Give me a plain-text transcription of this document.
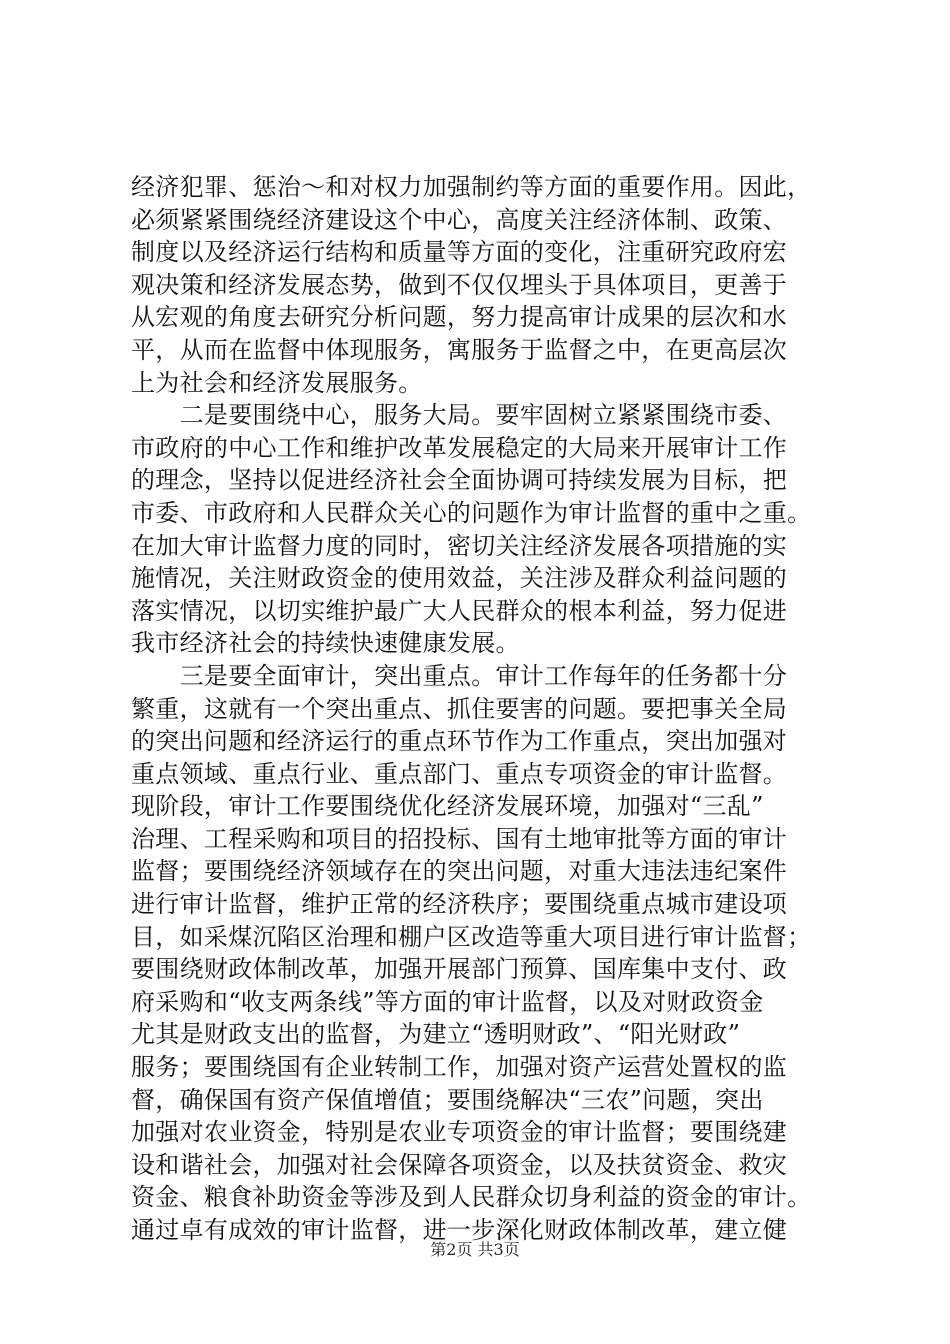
经济犯罪、惩治～和对权力加强制约等方面的重要作用。因此，
必须紧紧围绕经济建设这个中心，高度关注经济体制、政策、
制度以及经济运行结构和质量等方面的变化，注重研究政府宏
观决策和经济发展态势，做到不仅仅埋头于具体项目，更善于
从宏观的角度去研究分析问题，努力提高审计成果的层次和水
平，从而在监督中体现服务，寓服务于监督之中，在更高层次
上为社会和经济发展服务。
　　二是要围绕中心，服务大局。要牢固树立紧紧围绕市委、
市政府的中心工作和维护改革发展稳定的大局来开展审计工作
的理念，坚持以促进经济社会全面协调可持续发展为目标，把
市委、市政府和人民群众关心的问题作为审计监督的重中之重。
在加大审计监督力度的同时，密切关注经济发展各项措施的实
施情况，关注财政资金的使用效益，关注涉及群众利益问题的
落实情况，以切实维护最广大人民群众的根本利益，努力促进
我市经济社会的持续快速健康发展。
　　三是要全面审计，突出重点。审计工作每年的任务都十分
繁重，这就有一个突出重点、抓住要害的问题。要把事关全局
的突出问题和经济运行的重点环节作为工作重点，突出加强对
重点领域、重点行业、重点部门、重点专项资金的审计监督。
现阶段，审计工作要围绕优化经济发展环境，加强对“三乱”
治理、工程采购和项目的招投标、国有土地审批等方面的审计
监督；要围绕经济领域存在的突出问题，对重大违法违纪案件
进行审计监督，维护正常的经济秩序；要围绕重点城市建设项
目，如采煤沉陷区治理和棚户区改造等重大项目进行审计监督；
要围绕财政体制改革，加强开展部门预算、国库集中支付、政
府采购和“收支两条线”等方面的审计监督，以及对财政资金
尤其是财政支出的监督，为建立“透明财政”、“阳光财政”
服务；要围绕国有企业转制工作，加强对资产运营处置权的监
督，确保国有资产保值增值；要围绕解决“三农”问题，突出
加强对农业资金，特别是农业专项资金的审计监督；要围绕建
设和谐社会，加强对社会保障各项资金，以及扶贫资金、救灾
资金、粮食补助资金等涉及到人民群众切身利益的资金的审计。
通过卓有成效的审计监督，进一步深化财政体制改革，建立健
第2页 共3页
